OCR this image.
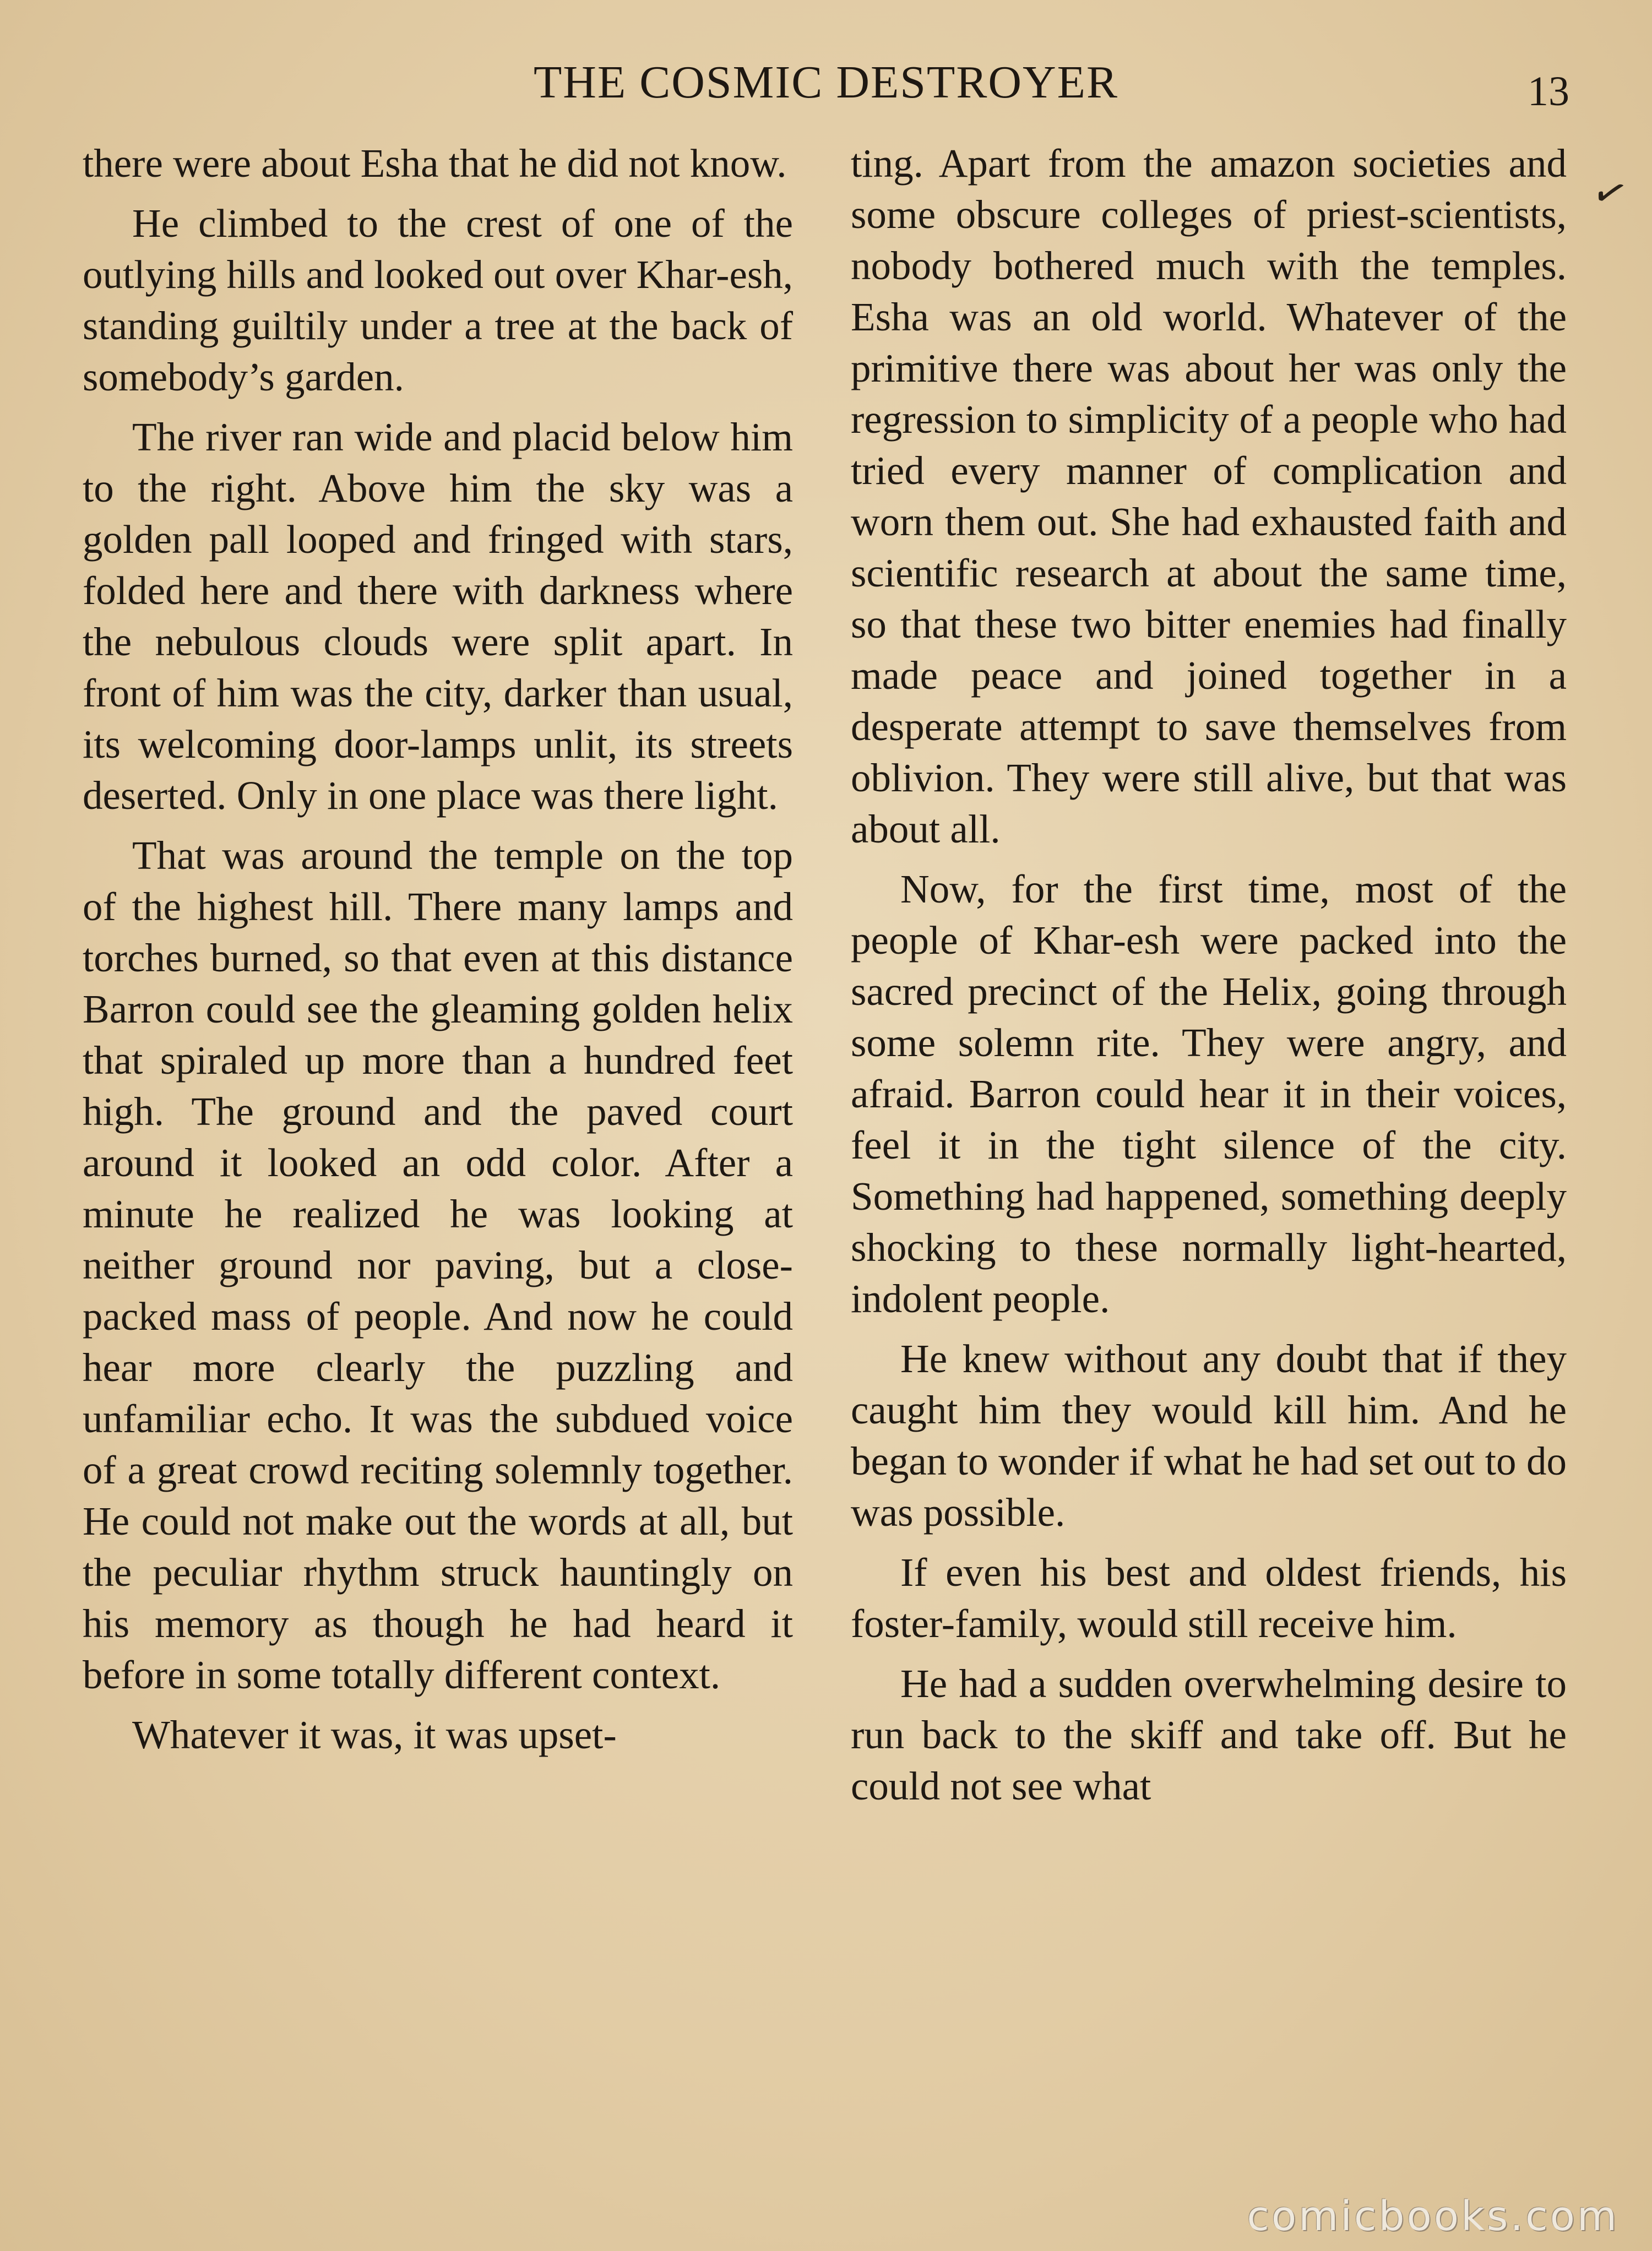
THE COSMIC DESTROYER	13
✓

there were about Esha that he did not know.

He climbed to the crest of one of the outlying hills and looked out over Khar-esh, standing guiltily under a tree at the back of somebody’s garden.

The river ran wide and placid below him to the right. Above him the sky was a golden pall looped and fringed with stars, folded here and there with darkness where the nebulous clouds were split apart. In front of him was the city, darker than usual, its welcoming door-lamps unlit, its streets deserted. Only in one place was there light.

That was around the temple on the top of the highest hill. There many lamps and torches burned, so that even at this distance Barron could see the gleaming golden helix that spiraled up more than a hundred feet high. The ground and the paved court around it looked an odd color. After a minute he realized he was looking at neither ground nor paving, but a close-packed mass of people. And now he could hear more clearly the puzzling and unfamiliar echo. It was the subdued voice of a great crowd reciting solemnly together. He could not make out the words at all, but the peculiar rhythm struck hauntingly on his memory as though he had heard it before in some totally different context.

Whatever it was, it was upset-

ting. Apart from the amazon societies and some obscure colleges of priest-scientists, nobody bothered much with the temples. Esha was an old world. Whatever of the primitive there was about her was only the regression to simplicity of a people who had tried every manner of complication and worn them out. She had exhausted faith and scientific research at about the same time, so that these two bitter enemies had finally made peace and joined together in a desperate attempt to save themselves from oblivion. They were still alive, but that was about all.

Now, for the first time, most of the people of Khar-esh were packed into the sacred precinct of the Helix, going through some solemn rite. They were angry, and afraid. Barron could hear it in their voices, feel it in the tight silence of the city. Something had happened, something deeply shocking to these normally light-hearted, indolent people.

He knew without any doubt that if they caught him they would kill him. And he began to wonder if what he had set out to do was possible.

If even his best and oldest friends, his foster-family, would still receive him.

He had a sudden overwhelming desire to run back to the skiff and take off. But he could not see what

comicbooks.com
